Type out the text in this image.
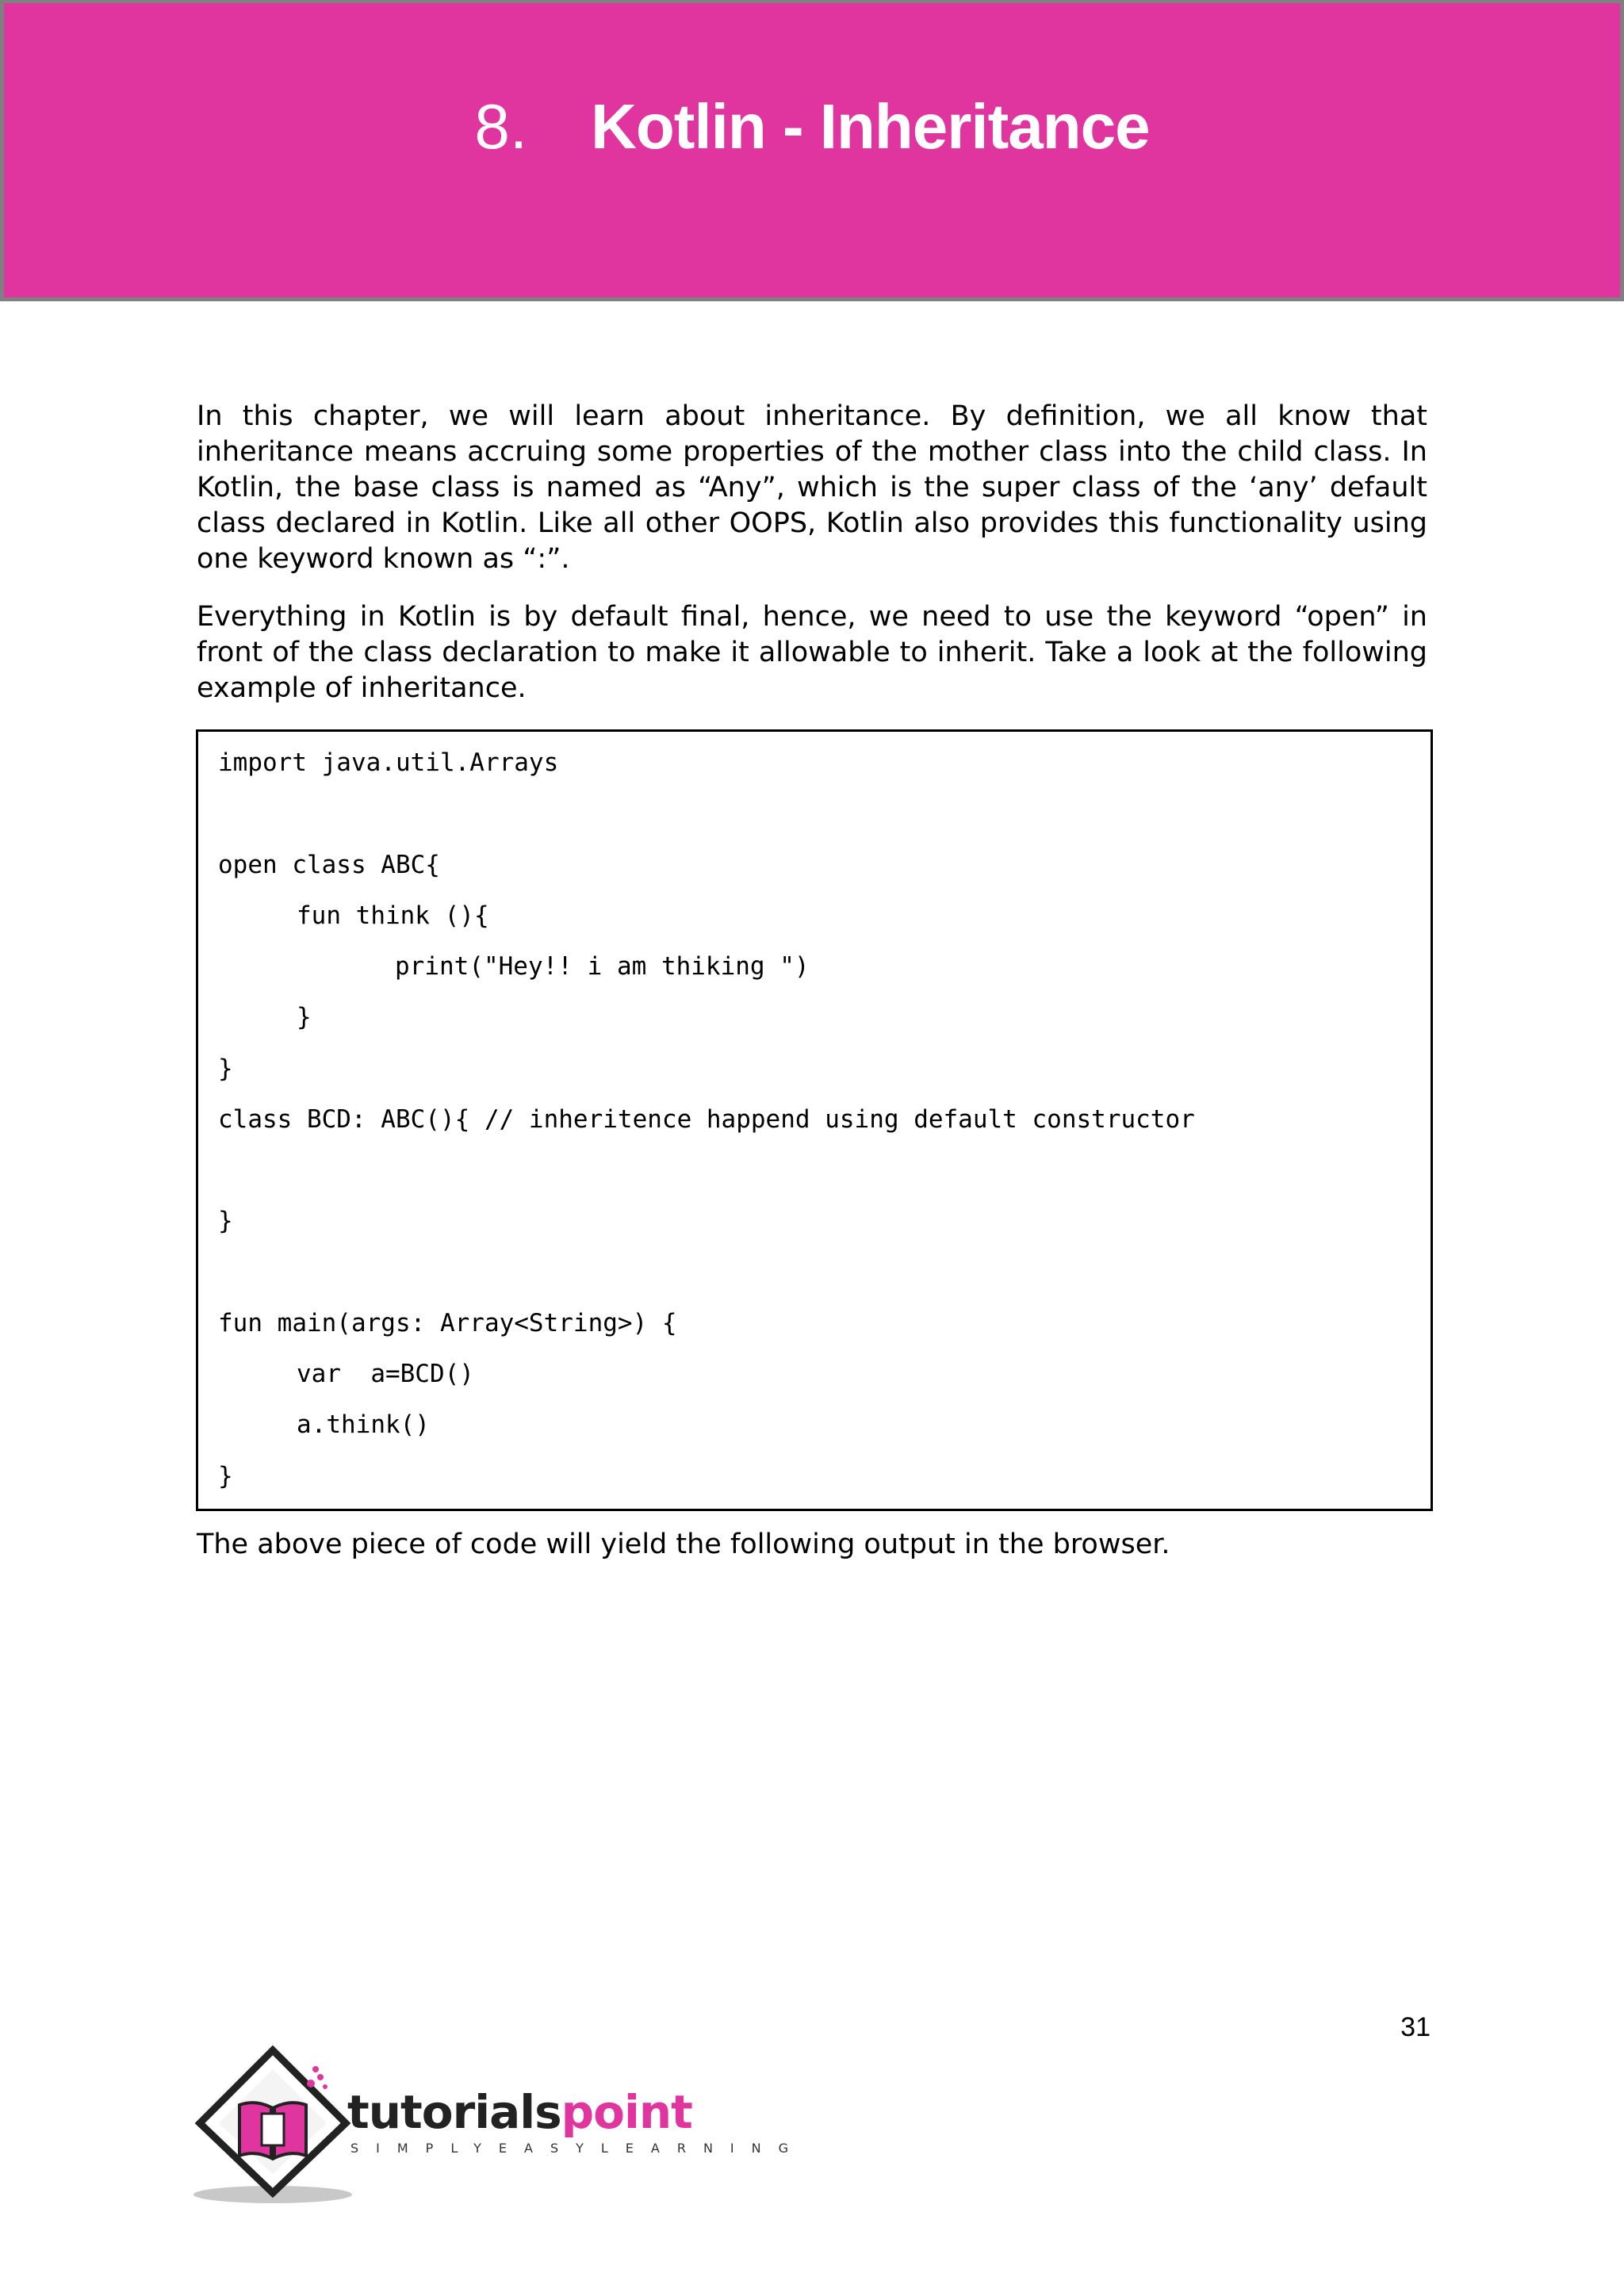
8. Kotlin - Inheritance

In this chapter, we will learn about inheritance. By definition, we all know that inheritance means accruing some properties of the mother class into the child class. In Kotlin, the base class is named as “Any”, which is the super class of the ‘any’ default class declared in Kotlin. Like all other OOPS, Kotlin also provides this functionality using one keyword known as “:”.

Everything in Kotlin is by default final, hence, we need to use the keyword “open” in front of the class declaration to make it allowable to inherit. Take a look at the following example of inheritance.

import java.util.Arrays
open class ABC{
fun think (){
print("Hey!! i am thiking ")
}
}
class BCD: ABC(){ // inheritence happend using default constructor
}
fun main(args: Array<String>) {
var  a=BCD()
a.think()
}

The above piece of code will yield the following output in the browser.

31
tutorialspoint
SIMPLYEASYLEARNING
